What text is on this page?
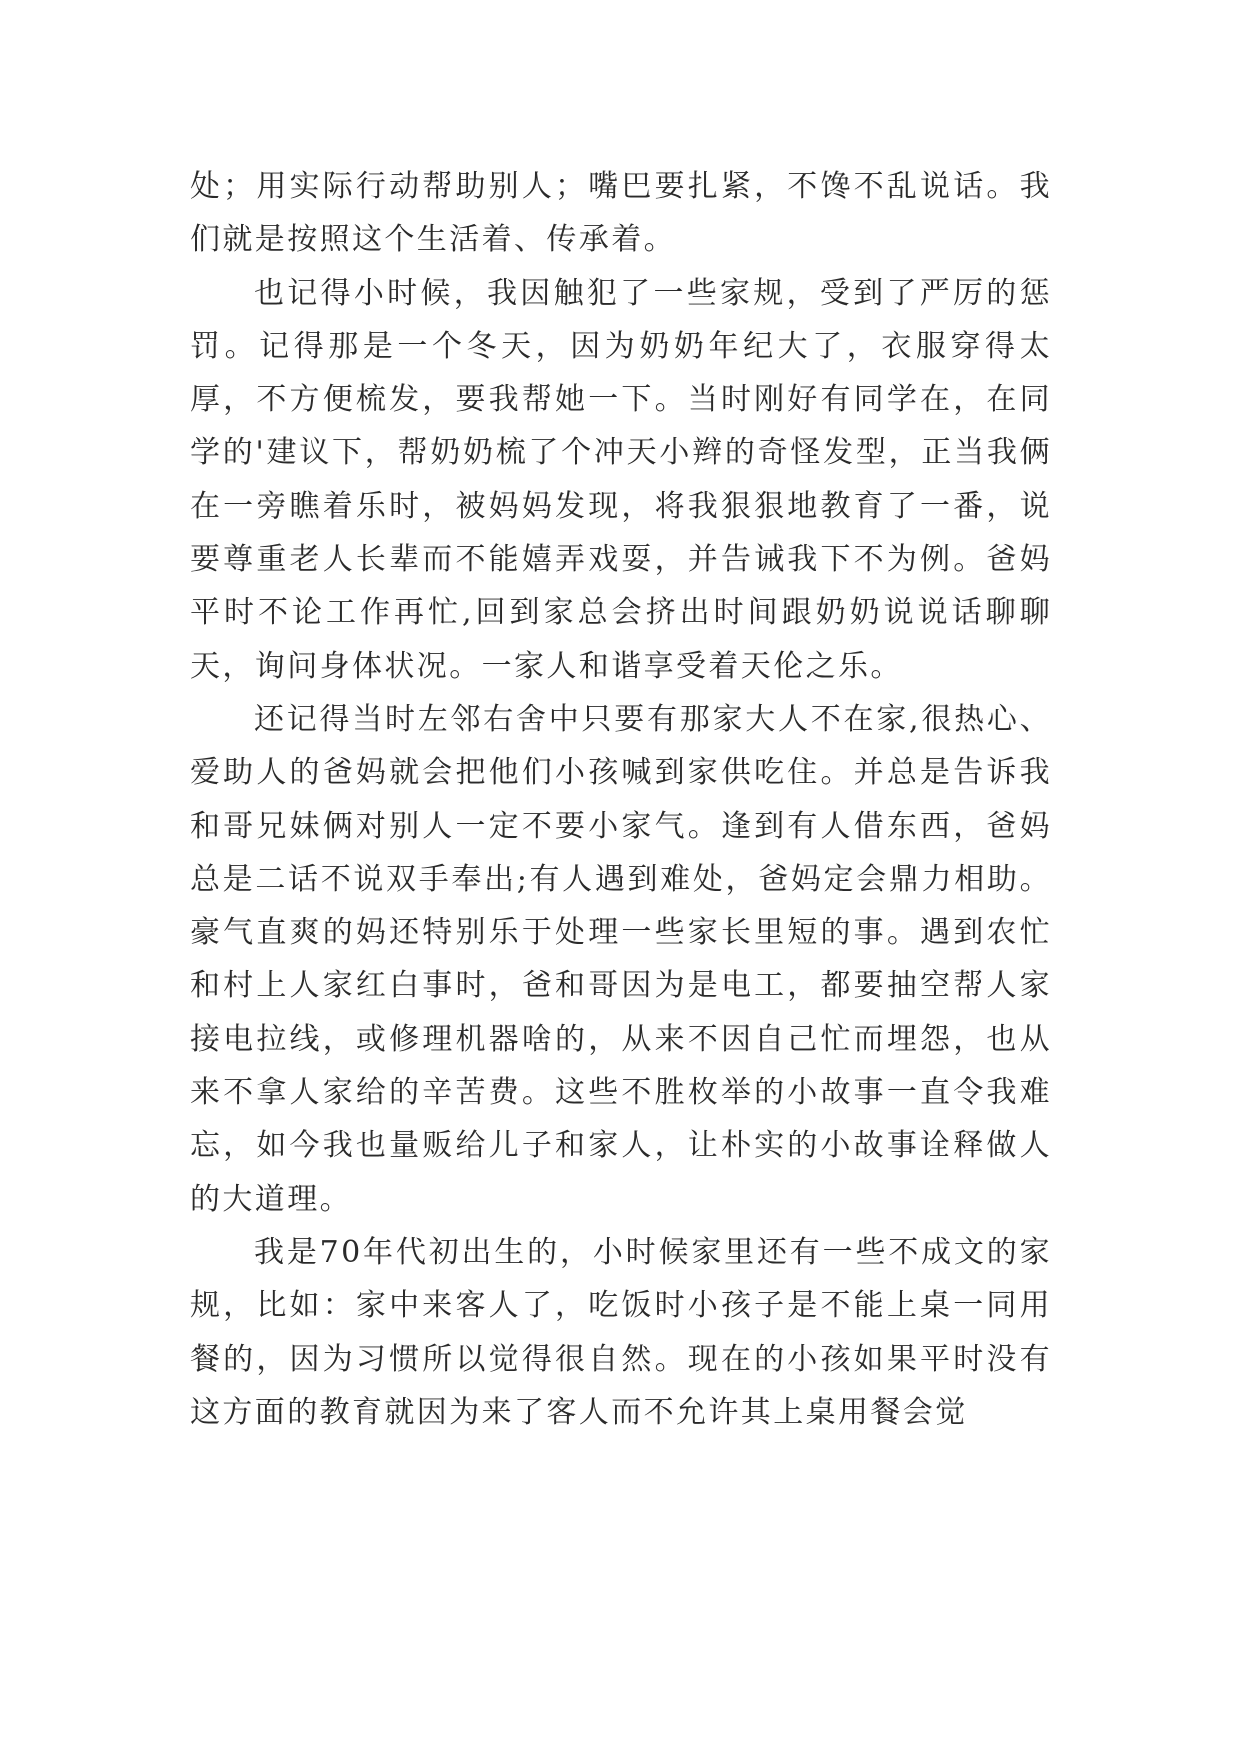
处；用实际行动帮助别人；嘴巴要扎紧，不馋不乱说话。我们就是按照这个生活着、传承着。

也记得小时候，我因触犯了一些家规，受到了严厉的惩罚。记得那是一个冬天，因为奶奶年纪大了，衣服穿得太厚，不方便梳发，要我帮她一下。当时刚好有同学在，在同学的'建议下，帮奶奶梳了个冲天小辫的奇怪发型，正当我俩在一旁瞧着乐时，被妈妈发现，将我狠狠地教育了一番，说要尊重老人长辈而不能嬉弄戏耍，并告诫我下不为例。爸妈平时不论工作再忙,回到家总会挤出时间跟奶奶说说话聊聊天，询问身体状况。一家人和谐享受着天伦之乐。

还记得当时左邻右舍中只要有那家大人不在家,很热心、爱助人的爸妈就会把他们小孩喊到家供吃住。并总是告诉我和哥兄妹俩对别人一定不要小家气。逢到有人借东西，爸妈总是二话不说双手奉出;有人遇到难处，爸妈定会鼎力相助。豪气直爽的妈还特别乐于处理一些家长里短的事。遇到农忙和村上人家红白事时，爸和哥因为是电工，都要抽空帮人家接电拉线，或修理机器啥的，从来不因自己忙而埋怨，也从来不拿人家给的辛苦费。这些不胜枚举的小故事一直令我难忘，如今我也量贩给儿子和家人，让朴实的小故事诠释做人的大道理。

我是70年代初出生的，小时候家里还有一些不成文的家规，比如：家中来客人了，吃饭时小孩子是不能上桌一同用餐的，因为习惯所以觉得很自然。现在的小孩如果平时没有这方面的教育就因为来了客人而不允许其上桌用餐会觉
